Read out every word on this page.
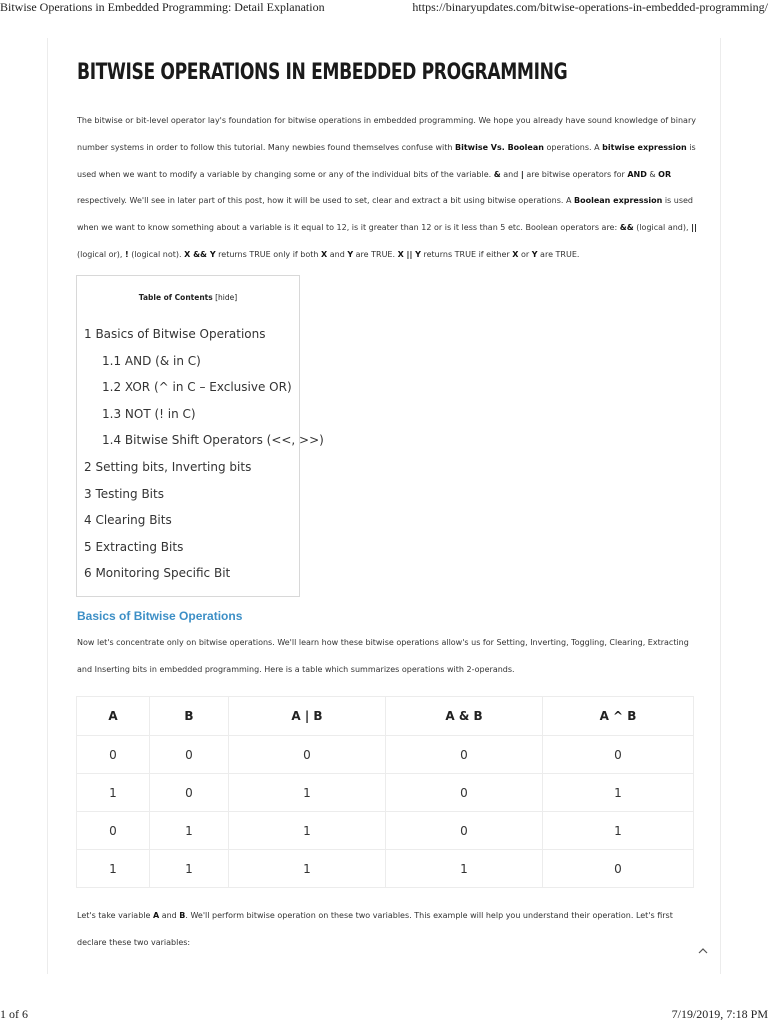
Bitwise Operations in Embedded Programming: Detail Explanation	https://binaryupdates.com/bitwise-operations-in-embedded-programming/
BITWISE OPERATIONS IN EMBEDDED PROGRAMMING

The bitwise or bit-level operator lay's foundation for bitwise operations in embedded programming. We hope you already have sound knowledge of binary number systems in order to follow this tutorial. Many newbies found themselves confuse with Bitwise Vs. Boolean operations. A bitwise expression is used when we want to modify a variable by changing some or any of the individual bits of the variable. & and | are bitwise operators for AND & OR respectively. We'll see in later part of this post, how it will be used to set, clear and extract a bit using bitwise operations. A Boolean expression is used when we want to know something about a variable is it equal to 12, is it greater than 12 or is it less than 5 etc. Boolean operators are: && (logical and), || (logical or), ! (logical not). X && Y returns TRUE only if both X and Y are TRUE. X || Y returns TRUE if either X or Y are TRUE.

Table of Contents [hide]
1 Basics of Bitwise Operations
1.1 AND (& in C)
1.2 XOR (^ in C – Exclusive OR)
1.3 NOT (! in C)
1.4 Bitwise Shift Operators (<<, >>)
2 Setting bits, Inverting bits
3 Testing Bits
4 Clearing Bits
5 Extracting Bits
6 Monitoring Specific Bit
Basics of Bitwise Operations

Now let's concentrate only on bitwise operations. We'll learn how these bitwise operations allow's us for Setting, Inverting, Toggling, Clearing, Extracting and Inserting bits in embedded programming. Here is a table which summarizes operations with 2-operands.

A	B	A | B	A & B	A ^ B
0	0	0	0	0
1	0	1	0	1
0	1	1	0	1
1	1	1	1	0

Let's take variable A and B. We'll perform bitwise operation on these two variables. This example will help you understand their operation. Let's first declare these two variables:

1 of 6	7/19/2019, 7:18 PM
